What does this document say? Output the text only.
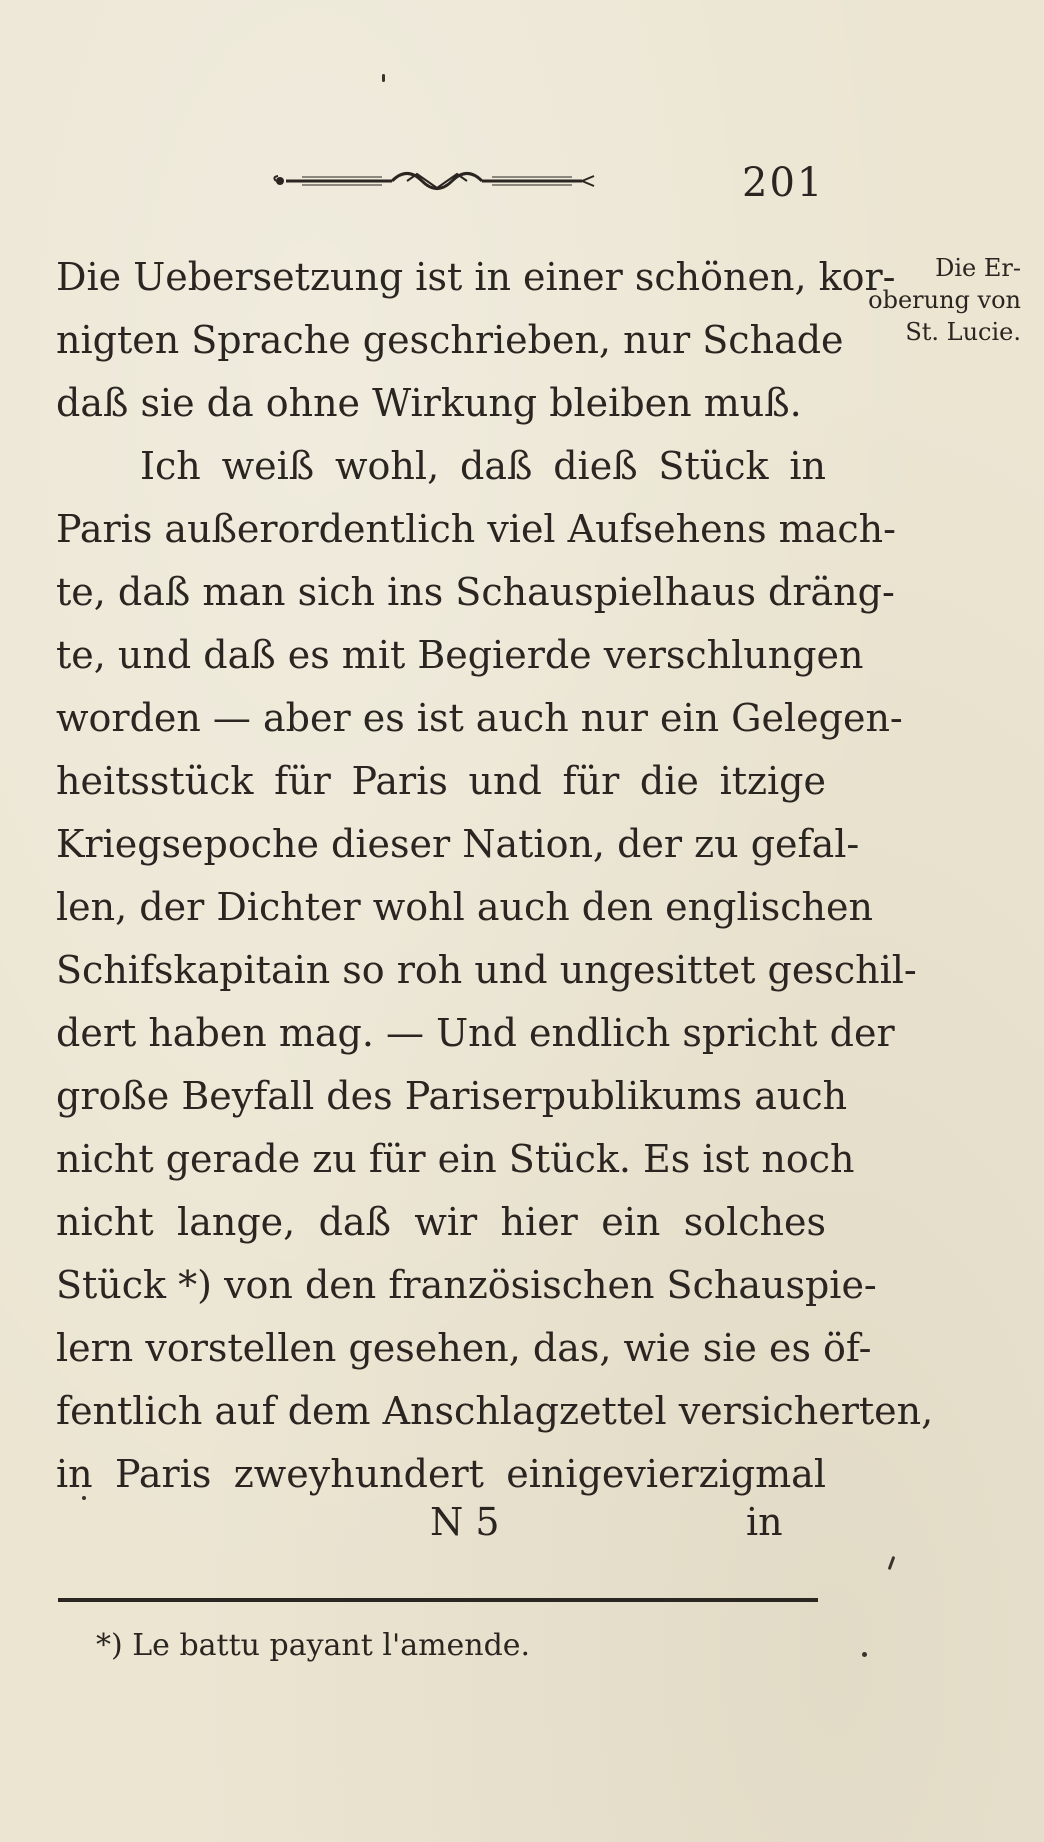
201
Die Er-
oberung von
St. Lucie.
Die Uebersetzung ist in einer schönen, kor-
nigten Sprache geschrieben, nur Schade
daß sie da ohne Wirkung bleiben muß.
Ich weiß wohl, daß dieß Stück in
Paris außerordentlich viel Aufsehens mach-
te, daß man sich ins Schauspielhaus dräng-
te, und daß es mit Begierde verschlungen
worden — aber es ist auch nur ein Gelegen-
heitsstück für Paris und für die itzige
Kriegsepoche dieser Nation, der zu gefal-
len, der Dichter wohl auch den englischen
Schifskapitain so roh und ungesittet geschil-
dert haben mag. — Und endlich spricht der
große Beyfall des Pariserpublikums auch
nicht gerade zu für ein Stück. Es ist noch
nicht lange, daß wir hier ein solches
Stück *) von den französischen Schauspie-
lern vorstellen gesehen, das, wie sie es öf-
fentlich auf dem Anschlagzettel versicherten,
in Paris zweyhundert einigevierzigmal
N 5	in
*) Le battu payant l'amende.
